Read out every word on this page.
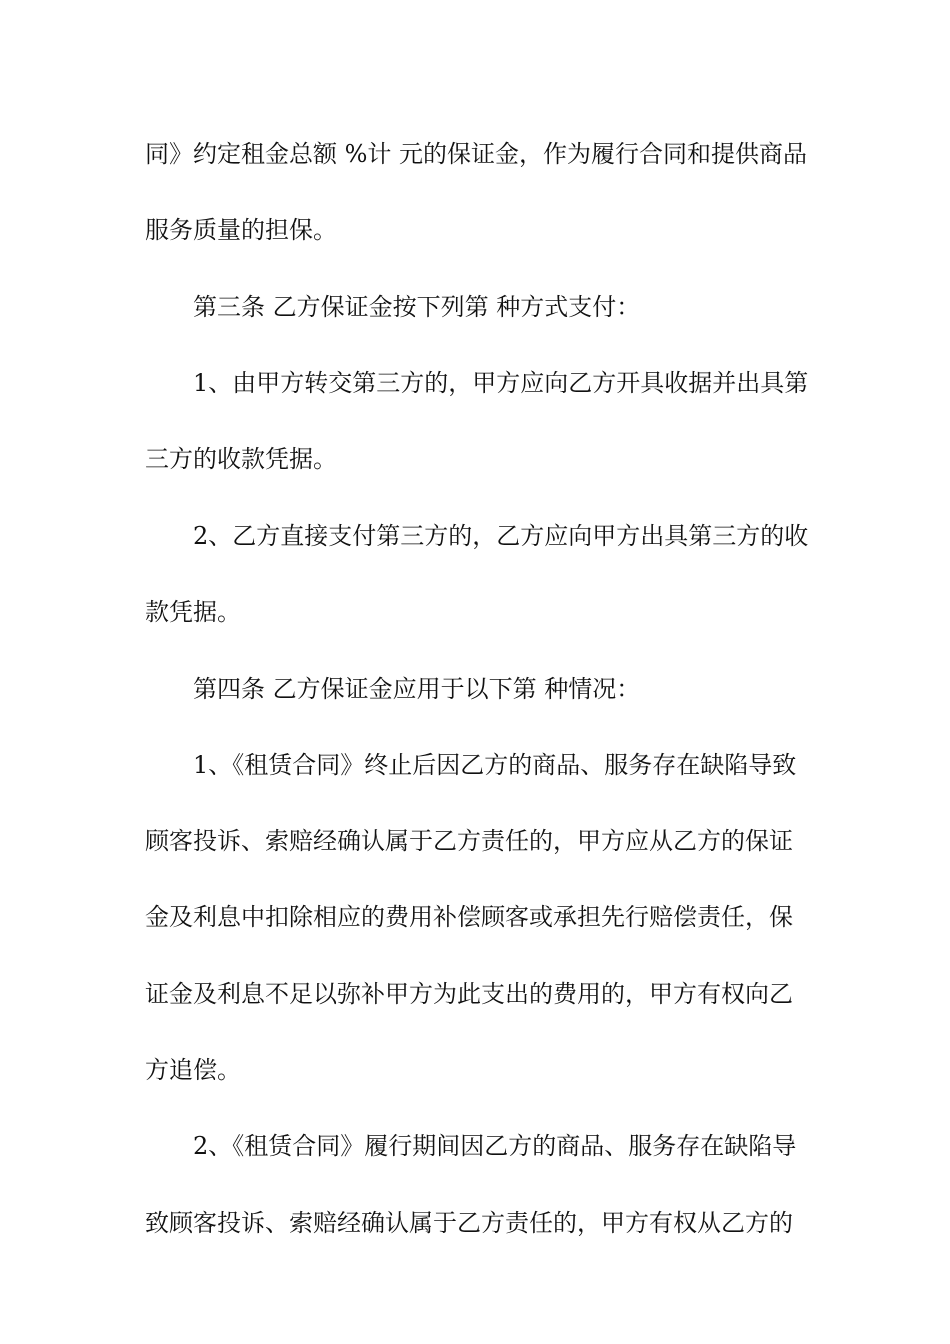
同》约定租金总额 %计 元的保证金，作为履行合同和提供商品
服务质量的担保。
第三条 乙方保证金按下列第 种方式支付：
1、由甲方转交第三方的，甲方应向乙方开具收据并出具第
三方的收款凭据。
2、乙方直接支付第三方的，乙方应向甲方出具第三方的收
款凭据。
第四条 乙方保证金应用于以下第 种情况：
1、《租赁合同》终止后因乙方的商品、服务存在缺陷导致
顾客投诉、索赔经确认属于乙方责任的，甲方应从乙方的保证
金及利息中扣除相应的费用补偿顾客或承担先行赔偿责任，保
证金及利息不足以弥补甲方为此支出的费用的，甲方有权向乙
方追偿。
2、《租赁合同》履行期间因乙方的商品、服务存在缺陷导
致顾客投诉、索赔经确认属于乙方责任的，甲方有权从乙方的
